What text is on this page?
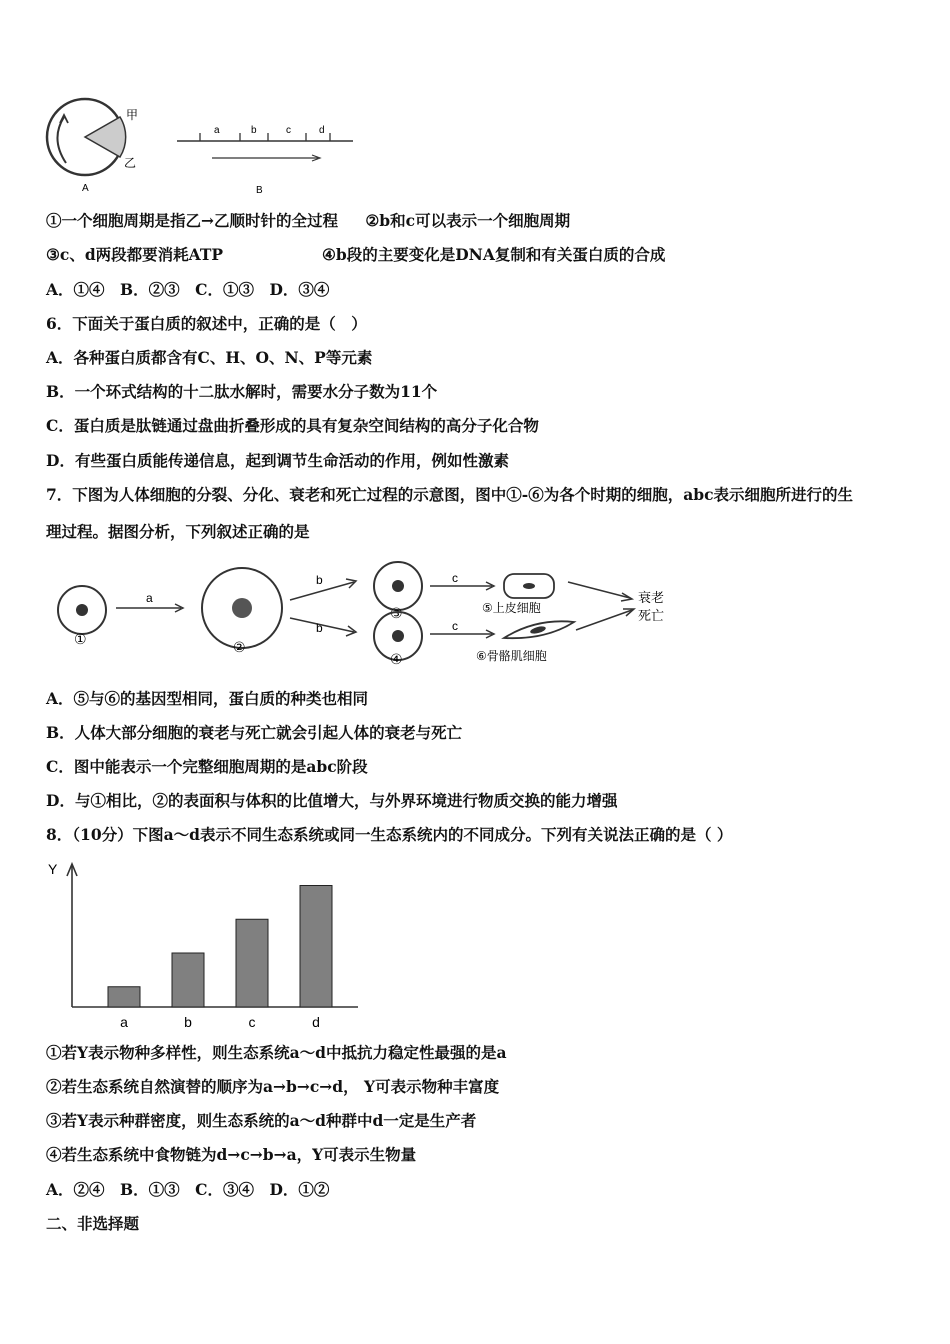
甲
乙
A
a	b	c	d
B
①一个细胞周期是指乙→乙顺时针的全过程 ②b和c可以表示一个细胞周期
③c、d两段都要消耗ATP	④b段的主要变化是DNA复制和有关蛋白质的合成
A．①④　B．②③　C．①③　D．③④
6．下面关于蛋白质的叙述中，正确的是（　）
A．各种蛋白质都含有C、H、O、N、P等元素
B．一个环式结构的十二肽水解时，需要水分子数为11个
C．蛋白质是肽链通过盘曲折叠形成的具有复杂空间结构的高分子化合物
D．有些蛋白质能传递信息，起到调节生命活动的作用，例如性激素
7．下图为人体细胞的分裂、分化、衰老和死亡过程的示意图，图中①-⑥为各个时期的细胞，abc表示细胞所进行的生
理过程。据图分析，下列叙述正确的是
①
a
②
b
b
③
④
c
c
⑤上皮细胞
⑥骨骼肌细胞
衰老
死亡
A．⑤与⑥的基因型相同，蛋白质的种类也相同
B．人体大部分细胞的衰老与死亡就会引起人体的衰老与死亡
C．图中能表示一个完整细胞周期的是abc阶段
D．与①相比，②的表面积与体积的比值增大，与外界环境进行物质交换的能力增强
8．（10分）下图a～d表示不同生态系统或同一生态系统内的不同成分。下列有关说法正确的是（ ）
Y
a	b	c	d
①若Y表示物种多样性，则生态系统a～d中抵抗力稳定性最强的是a
②若生态系统自然演替的顺序为a→b→c→d， Y可表示物种丰富度
③若Y表示种群密度，则生态系统的a～d种群中d一定是生产者
④若生态系统中食物链为d→c→b→a，Y可表示生物量
A．②④　B．①③　C．③④　D．①②
二、非选择题
